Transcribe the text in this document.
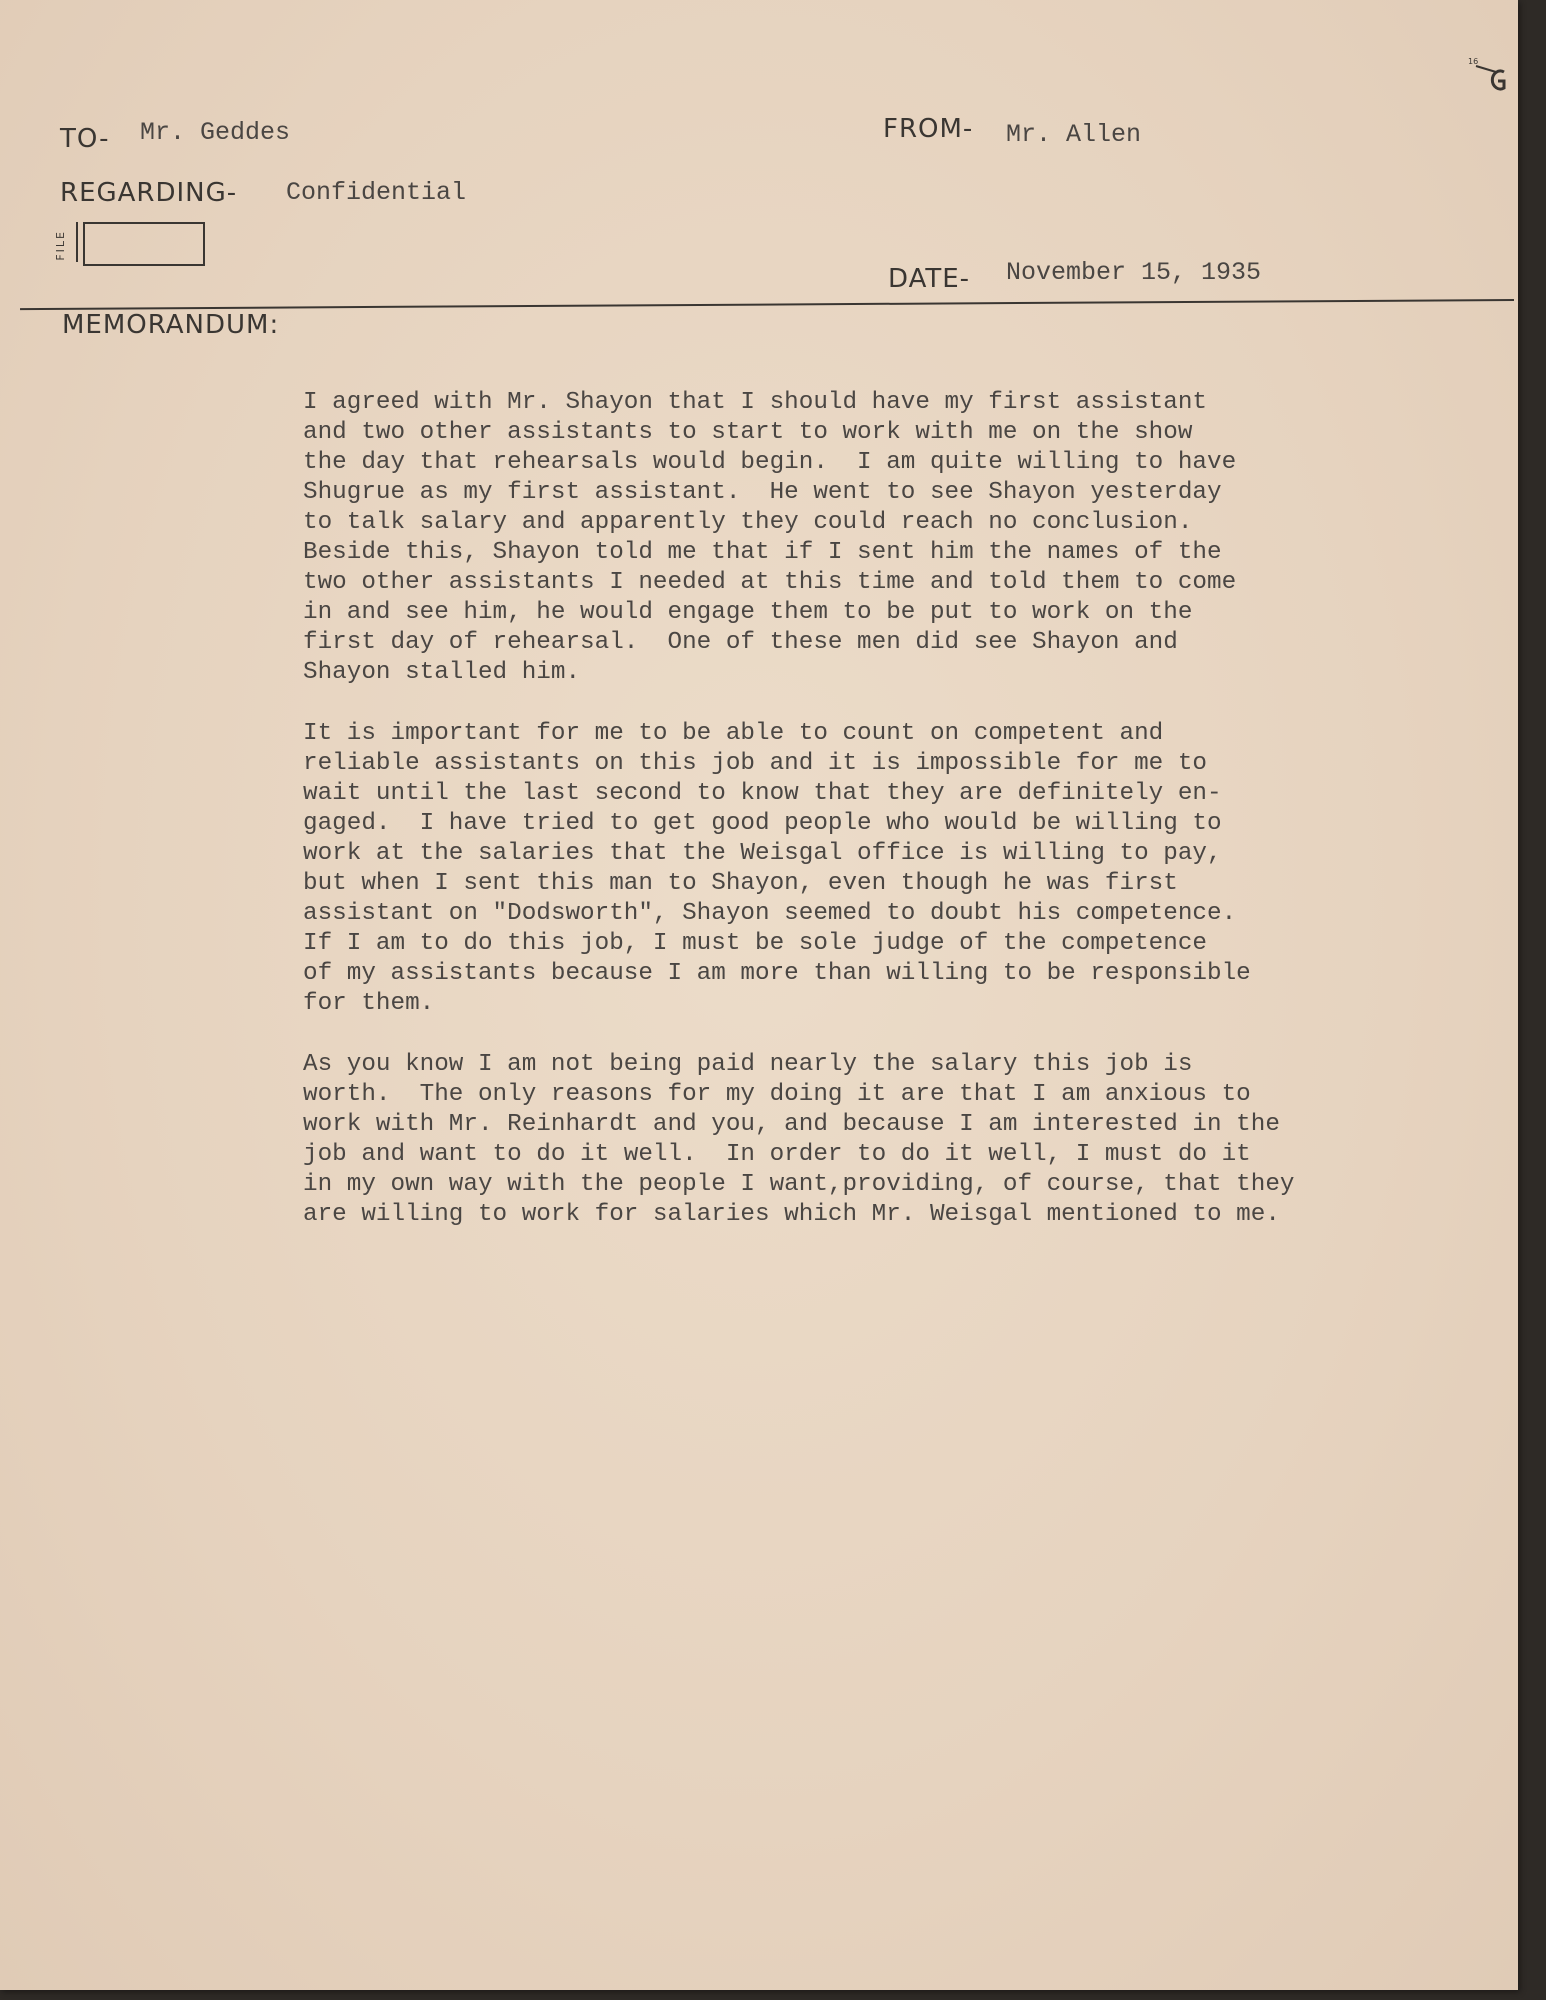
16
TO- Mr. Geddes	FROM- Mr. Allen
REGARDING- Confidential
FILE
DATE- November 15, 1935
MEMORANDUM:
I agreed with Mr. Shayon that I should have my first assistant
and two other assistants to start to work with me on the show
the day that rehearsals would begin.  I am quite willing to have
Shugrue as my first assistant.  He went to see Shayon yesterday
to talk salary and apparently they could reach no conclusion.
Beside this, Shayon told me that if I sent him the names of the
two other assistants I needed at this time and told them to come
in and see him, he would engage them to be put to work on the
first day of rehearsal.  One of these men did see Shayon and
Shayon stalled him.
It is important for me to be able to count on competent and
reliable assistants on this job and it is impossible for me to
wait until the last second to know that they are definitely en-
gaged.  I have tried to get good people who would be willing to
work at the salaries that the Weisgal office is willing to pay,
but when I sent this man to Shayon, even though he was first
assistant on "Dodsworth", Shayon seemed to doubt his competence.
If I am to do this job, I must be sole judge of the competence
of my assistants because I am more than willing to be responsible
for them.
As you know I am not being paid nearly the salary this job is
worth.  The only reasons for my doing it are that I am anxious to
work with Mr. Reinhardt and you, and because I am interested in the
job and want to do it well.  In order to do it well, I must do it
in my own way with the people I want,providing, of course, that they
are willing to work for salaries which Mr. Weisgal mentioned to me.
